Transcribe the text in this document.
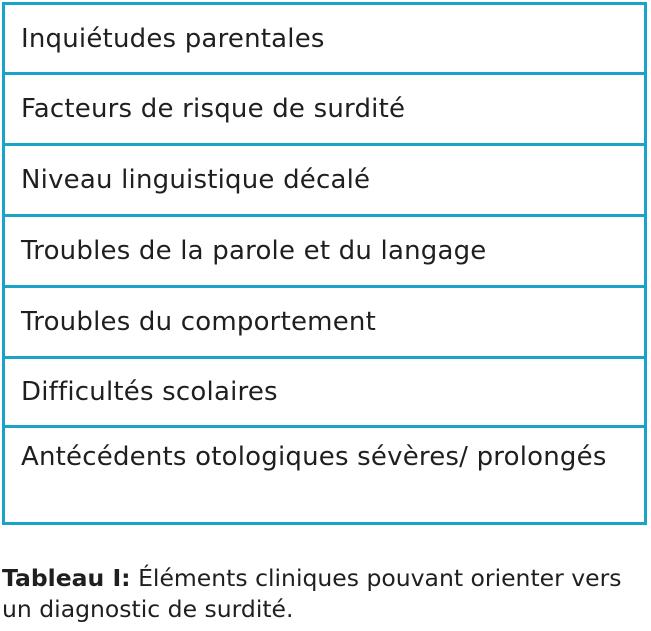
Inquiétudes parentales
Facteurs de risque de surdité
Niveau linguistique décalé
Troubles de la parole et du langage
Troubles du comportement
Difficultés scolaires
Antécédents otologiques sévères/ prolongés
Tableau I: Éléments cliniques pouvant orienter vers un diagnostic de surdité.
